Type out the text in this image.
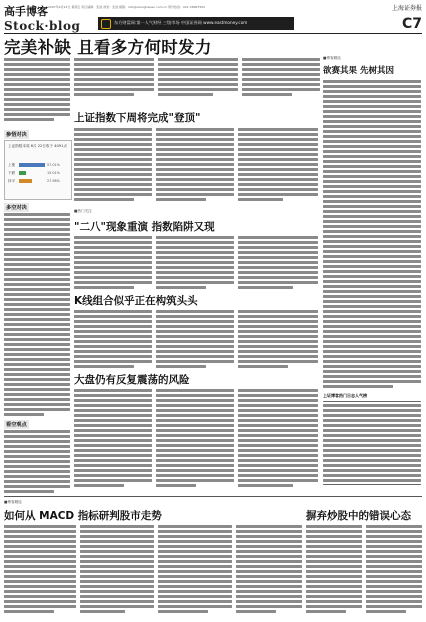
高手博客 2007年6月22日 星期五 责任编辑：张喆 视觉：张喆 邮箱：zxb@shanghaisec.com.cn 周刊热线：021-38967502
Stock·blog	东方财富网:第一人气财经 三级市场 中国证券网 www.eastmoney.com
上海证券报
C7
完美补缺 且看多方何时发力
参悟对决
上证指数本周 6月 22日收于 4091点
上涨	57.01%
下跌	15.01%
持平	27.98%
多空对决
看空观点
■博客精选
欲赛其果 先树其因
上证博客热门日志人气榜
上证指数下周将完成"登顶"
■热门关注
"二八"现象重演 指数陷阱又现
K线组合似乎正在构筑头头
大盘仍有反复震荡的风险
■博客精选
如何从 MACD 指标研判股市走势	摒弃炒股中的错误心态
